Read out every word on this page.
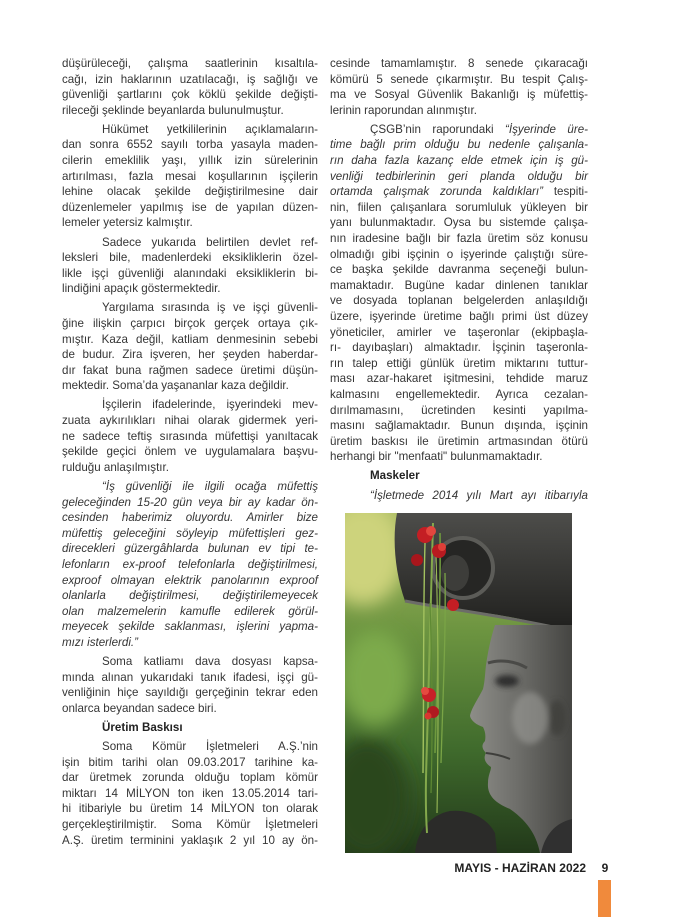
düşürüleceği, çalışma saatlerinin kısaltıla-
cağı, izin haklarının uzatılacağı, iş sağlığı ve
güvenliği şartlarını çok köklü şekilde değişti-
rileceği şeklinde beyanlarda bulunulmuştur.
Hükümet yetkililerinin açıklamaların-
dan sonra 6552 sayılı torba yasayla maden-
cilerin emeklilik yaşı, yıllık izin sürelerinin
artırılması, fazla mesai koşullarının işçilerin
lehine olacak şekilde değiştirilmesine dair
düzenlemeler yapılmış ise de yapılan düzen-
lemeler yetersiz kalmıştır.
Sadece yukarıda belirtilen devlet ref-
leksleri bile, madenlerdeki eksikliklerin özel-
likle işçi güvenliği alanındaki eksikliklerin bi-
lindiğini apaçık göstermektedir.
Yargılama sırasında iş ve işçi güvenli-
ğine ilişkin çarpıcı birçok gerçek ortaya çık-
mıştır. Kaza değil, katliam denmesinin sebebi
de budur. Zira işveren, her şeyden haberdar-
dır fakat buna rağmen sadece üretimi düşün-
mektedir. Soma’da yaşananlar kaza değildir.
İşçilerin ifadelerinde, işyerindeki mev-
zuata aykırılıkları nihai olarak gidermek yeri-
ne sadece teftiş sırasında müfettişi yanıltacak
şekilde geçici önlem ve uygulamalara başvu-
rulduğu anlaşılmıştır.
“İş güvenliği ile ilgili ocağa müfettiş
geleceğinden 15-20 gün veya bir ay kadar ön-
cesinden haberimiz oluyordu. Amirler bize
müfettiş geleceğini söyleyip müfettişleri gez-
direcekleri güzergâhlarda bulunan ev tipi te-
lefonların ex-proof telefonlarla değiştirilmesi,
exproof olmayan elektrik panolarının exproof
olanlarla değiştirilmesi, değiştirilemeyecek
olan malzemelerin kamufle edilerek görül-
meyecek şekilde saklanması, işlerini yapma-
mızı isterlerdi.”
Soma katliamı dava dosyası kapsa-
mında alınan yukarıdaki tanık ifadesi, işçi gü-
venliğinin hiçe sayıldığı gerçeğinin tekrar eden
onlarca beyandan sadece biri.
Üretim Baskısı
Soma Kömür İşletmeleri A.Ş.’nin
işin bitim tarihi olan 09.03.2017 tarihine ka-
dar üretmek zorunda olduğu toplam kömür
miktarı 14 MİLYON ton iken 13.05.2014 tari-
hi itibariyle bu üretim 14 MİLYON ton olarak
gerçekleştirilmiştir. Soma Kömür İşletmeleri
A.Ş. üretim terminini yaklaşık 2 yıl 10 ay ön-
cesinde tamamlamıştır. 8 senede çıkaracağı
kömürü 5 senede çıkarmıştır. Bu tespit Çalış-
ma ve Sosyal Güvenlik Bakanlığı iş müfettiş-
lerinin raporundan alınmıştır.
ÇSGB’nin raporundaki “İşyerinde üre-
time bağlı prim olduğu bu nedenle çalışanla-
rın daha fazla kazanç elde etmek için iş gü-
venliği tedbirlerinin geri planda olduğu bir
ortamda çalışmak zorunda kaldıkları” tespiti-
nin, fiilen çalışanlara sorumluluk yükleyen bir
yanı bulunmaktadır. Oysa bu sistemde çalışa-
nın iradesine bağlı bir fazla üretim söz konusu
olmadığı gibi işçinin o işyerinde çalıştığı süre-
ce başka şekilde davranma seçeneği bulun-
mamaktadır. Bugüne kadar dinlenen tanıklar
ve dosyada toplanan belgelerden anlaşıldığı
üzere, işyerinde üretime bağlı primi üst düzey
yöneticiler, amirler ve taşeronlar (ekipbaşla-
rı- dayıbaşları) almaktadır. İşçinin taşeronla-
rın talep ettiği günlük üretim miktarını tuttur-
ması azar-hakaret işitmesini, tehdide maruz
kalmasını engellemektedir. Ayrıca cezalan-
dırılmamasını, ücretinden kesinti yapılma-
masını sağlamaktadır. Bunun dışında, işçinin
üretim baskısı ile üretimin artmasından ötürü
herhangi bir "menfaati" bulunmamaktadır.
Maskeler
“İşletmede 2014 yılı Mart ayı itibarıyla
MAYIS - HAZİRAN 2022	9
